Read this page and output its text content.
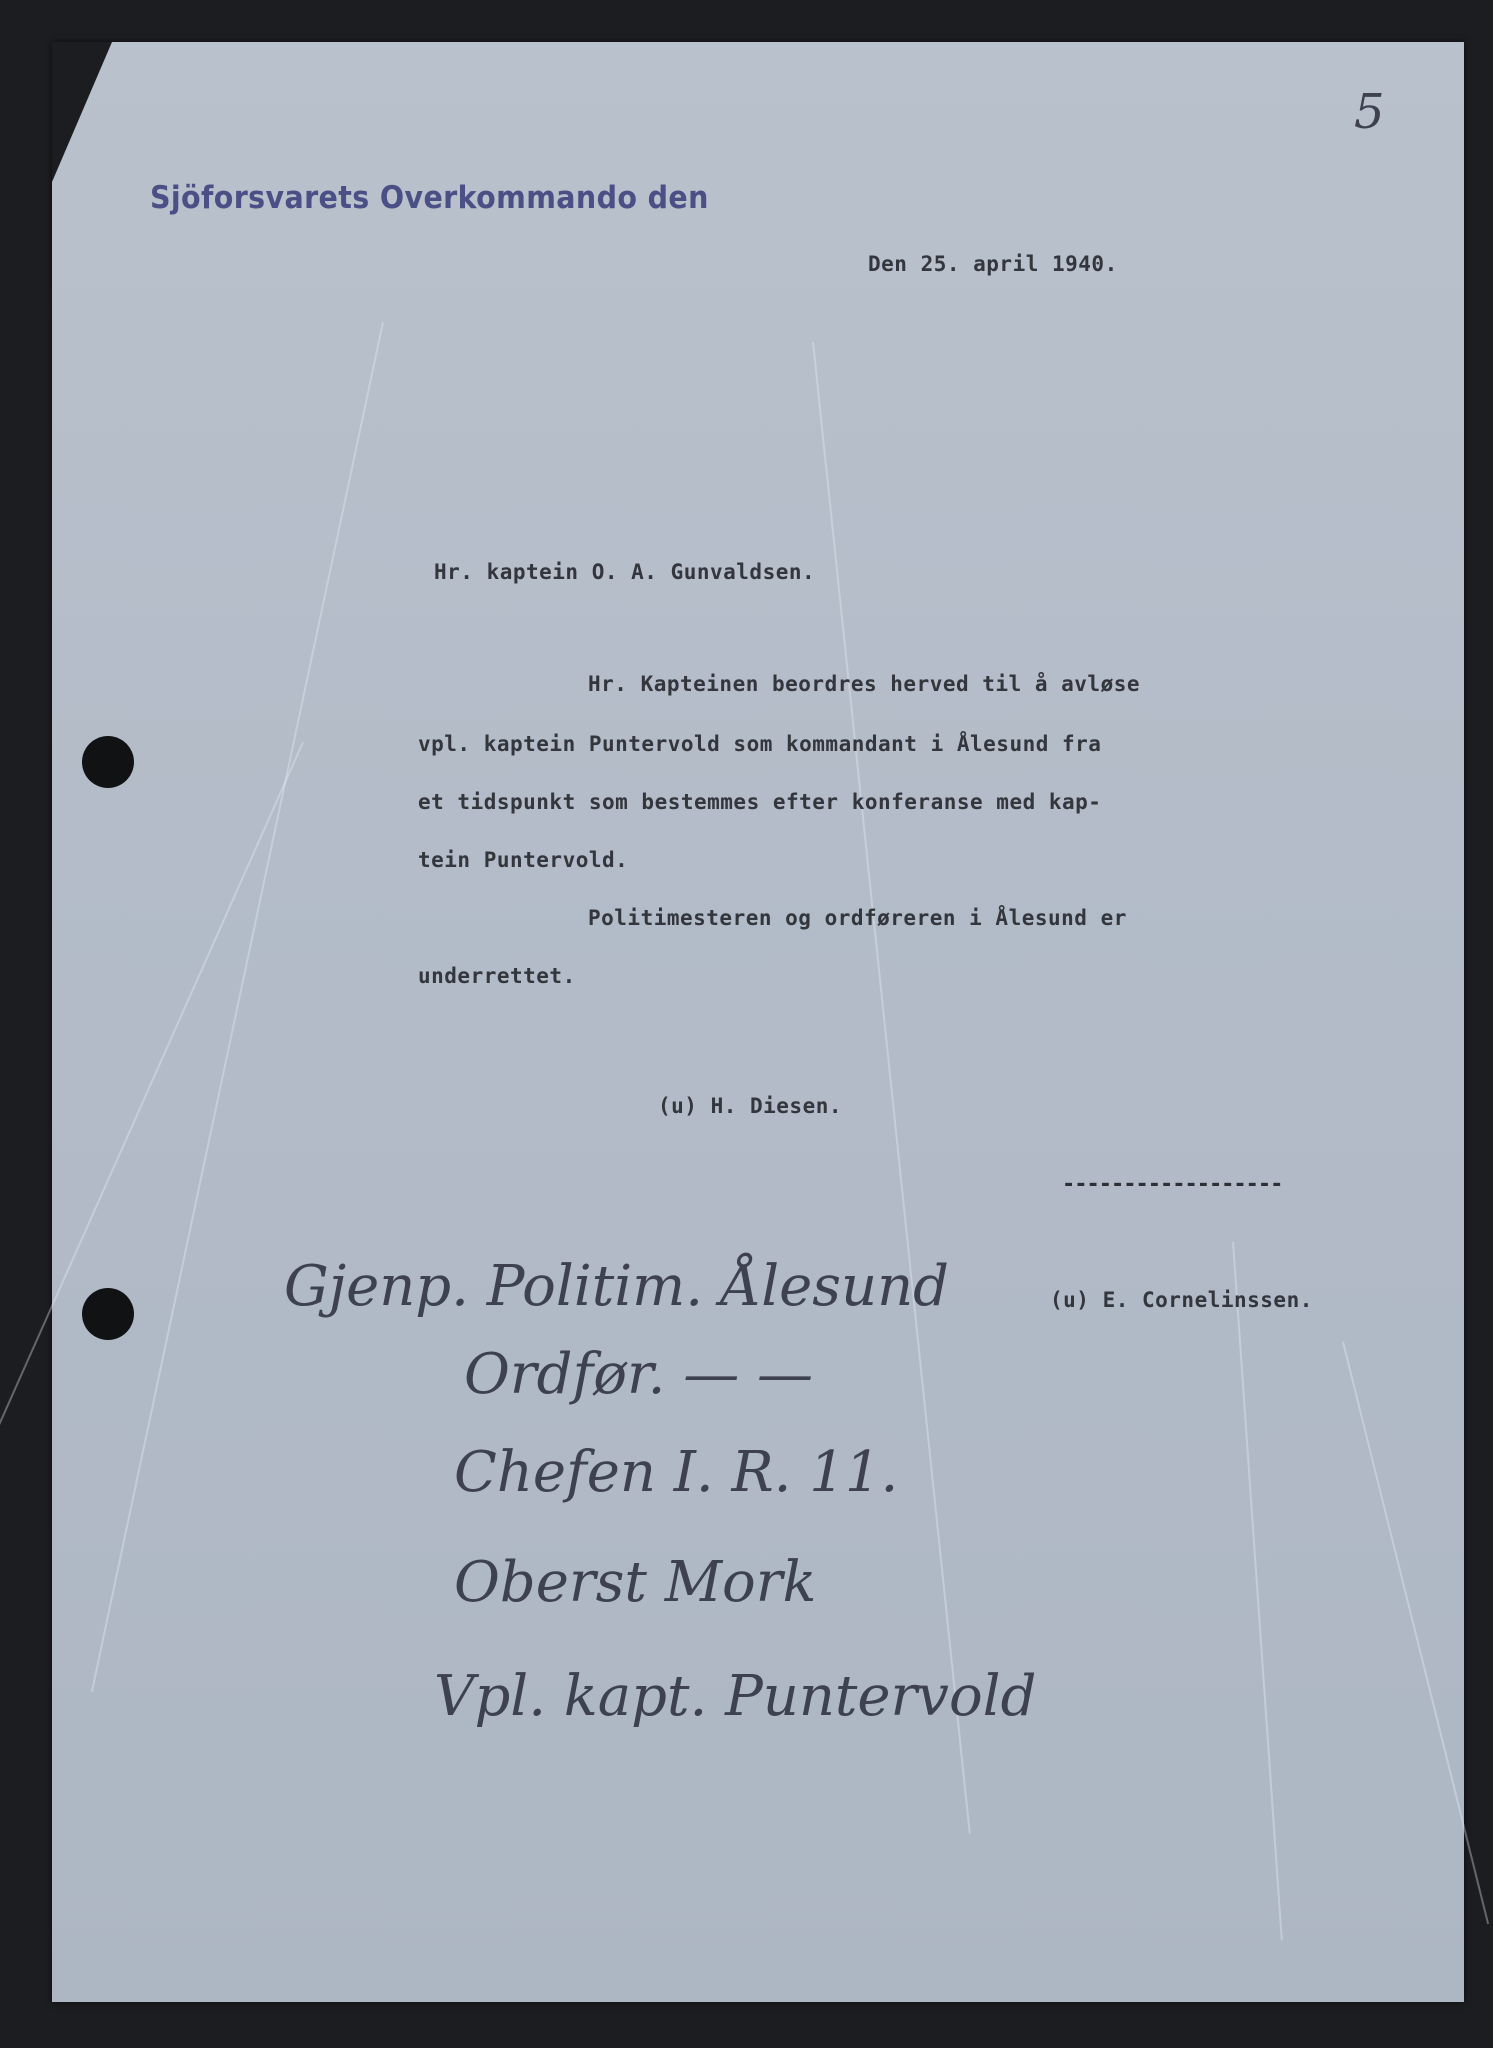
5
Sjöforsvarets Overkommando den
Den 25. april 1940.
Hr. kaptein O. A. Gunvaldsen.
Hr. Kapteinen beordres herved til å avløse
vpl. kaptein Puntervold som kommandant i Ålesund fra
et tidspunkt som bestemmes efter konferanse med kap-
tein Puntervold.
Politimesteren og ordføreren i Ålesund er
underrettet.
(u) H. Diesen.
------------------
(u) E. Cornelinssen.
Gjenp. Politim. Ålesund
Ordfør. — —
Chefen I. R. 11.
Oberst Mork
Vpl. kapt. Puntervold
